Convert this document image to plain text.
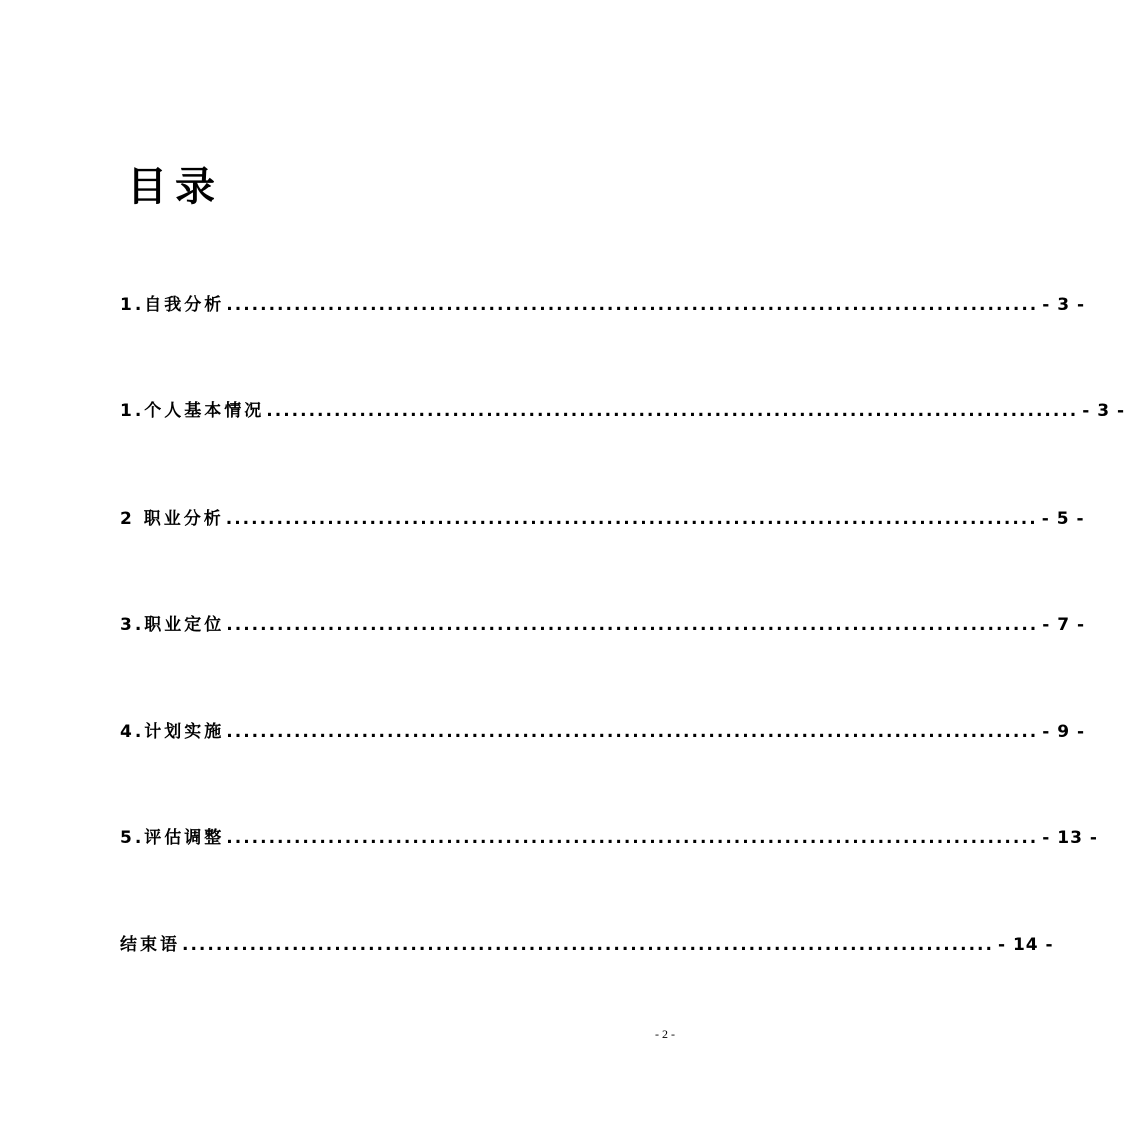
目录
1.自我分析 ................................................................................................ - 3 -
1.个人基本情况 ................................................................................................ - 3 -
2 职业分析 ................................................................................................ - 5 -
3.职业定位 ................................................................................................ - 7 -
4.计划实施 ................................................................................................ - 9 -
5.评估调整 ................................................................................................ - 13 -
结束语 ................................................................................................ - 14 -
- 2 -
